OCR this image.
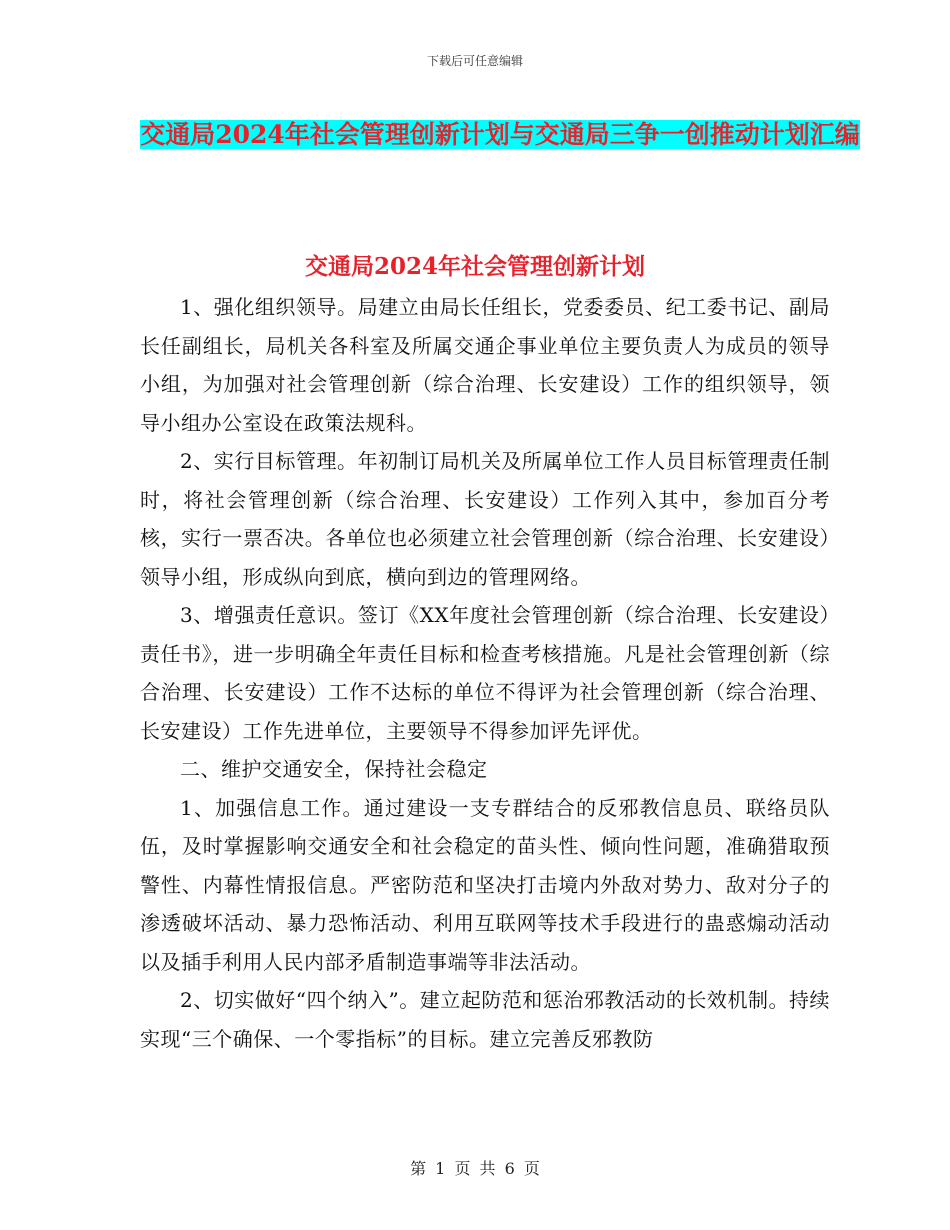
下载后可任意编辑
交通局2024年社会管理创新计划与交通局三争一创推动计划汇编
交通局2024年社会管理创新计划

1、强化组织领导。局建立由局长任组长，党委委员、纪工委书记、副局长任副组长，局机关各科室及所属交通企事业单位主要负责人为成员的领导小组，为加强对社会管理创新（综合治理、长安建设）工作的组织领导，领导小组办公室设在政策法规科。

2、实行目标管理。年初制订局机关及所属单位工作人员目标管理责任制时，将社会管理创新（综合治理、长安建设）工作列入其中，参加百分考核，实行一票否决。各单位也必须建立社会管理创新（综合治理、长安建设）领导小组，形成纵向到底，横向到边的管理网络。

3、增强责任意识。签订《XX年度社会管理创新（综合治理、长安建设）责任书》，进一步明确全年责任目标和检查考核措施。凡是社会管理创新（综合治理、长安建设）工作不达标的单位不得评为社会管理创新（综合治理、长安建设）工作先进单位，主要领导不得参加评先评优。

二、维护交通安全，保持社会稳定

1、加强信息工作。通过建设一支专群结合的反邪教信息员、联络员队伍，及时掌握影响交通安全和社会稳定的苗头性、倾向性问题，准确猎取预警性、内幕性情报信息。严密防范和坚决打击境内外敌对势力、敌对分子的渗透破坏活动、暴力恐怖活动、利用互联网等技术手段进行的蛊惑煽动活动以及插手利用人民内部矛盾制造事端等非法活动。

2、切实做好“四个纳入”。建立起防范和惩治邪教活动的长效机制。持续实现“三个确保、一个零指标”的目标。建立完善反邪教防

第 1 页 共 6 页
